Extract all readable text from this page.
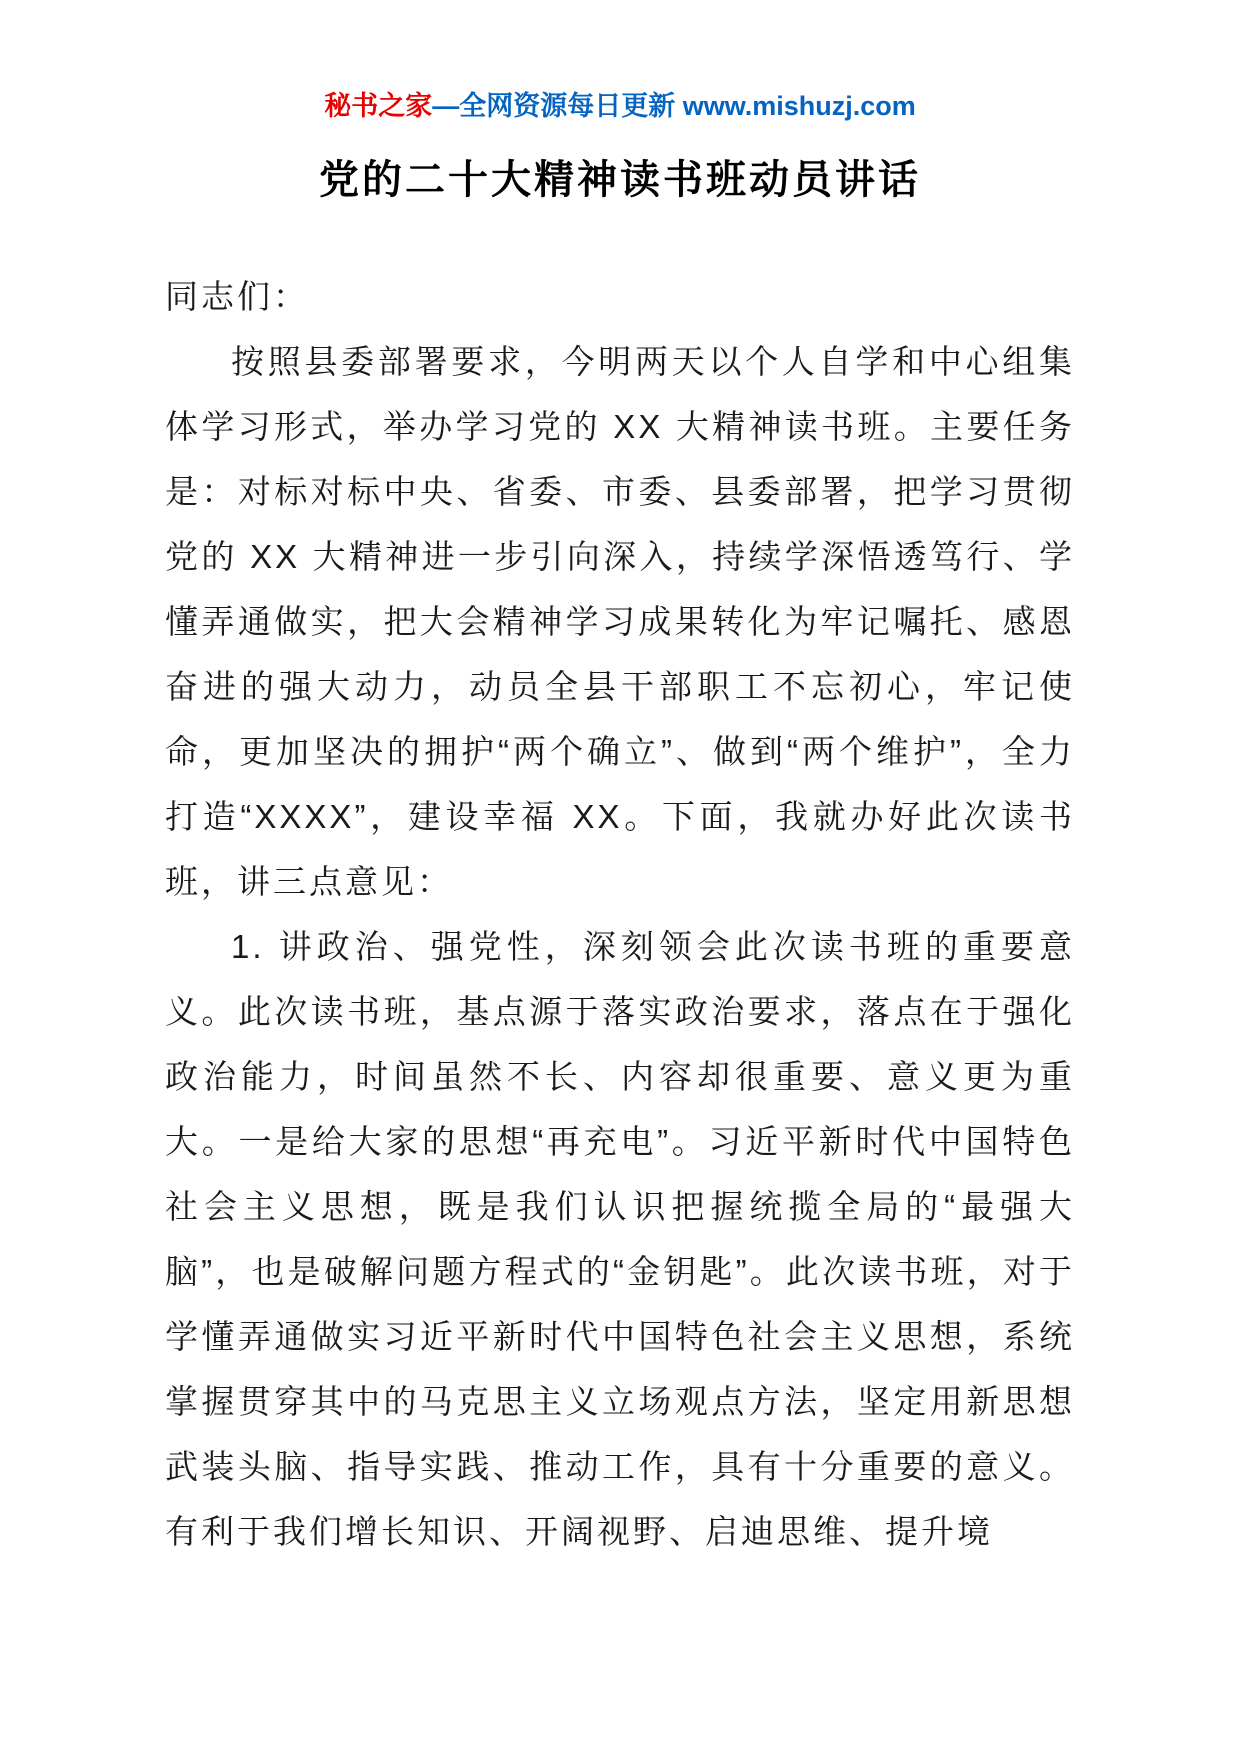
秘书之家—全网资源每日更新 www.mishuzj.com
党的二十大精神读书班动员讲话

同志们：

按照县委部署要求，今明两天以个人自学和中心组集体学习形式，举办学习党的 XX 大精神读书班。主要任务是：对标对标中央、省委、市委、县委部署，把学习贯彻党的 XX 大精神进一步引向深入，持续学深悟透笃行、学懂弄通做实，把大会精神学习成果转化为牢记嘱托、感恩奋进的强大动力，动员全县干部职工不忘初心，牢记使命，更加坚决的拥护“两个确立”、做到“两个维护”，全力打造“XXXX”，建设幸福 XX。下面，我就办好此次读书班，讲三点意见：

1. 讲政治、强党性，深刻领会此次读书班的重要意义。此次读书班，基点源于落实政治要求，落点在于强化政治能力，时间虽然不长、内容却很重要、意义更为重大。一是给大家的思想“再充电”。习近平新时代中国特色社会主义思想，既是我们认识把握统揽全局的“最强大脑”，也是破解问题方程式的“金钥匙”。此次读书班，对于学懂弄通做实习近平新时代中国特色社会主义思想，系统掌握贯穿其中的马克思主义立场观点方法，坚定用新思想武装头脑、指导实践、推动工作，具有十分重要的意义。有利于我们增长知识、开阔视野、启迪思维、提升境
